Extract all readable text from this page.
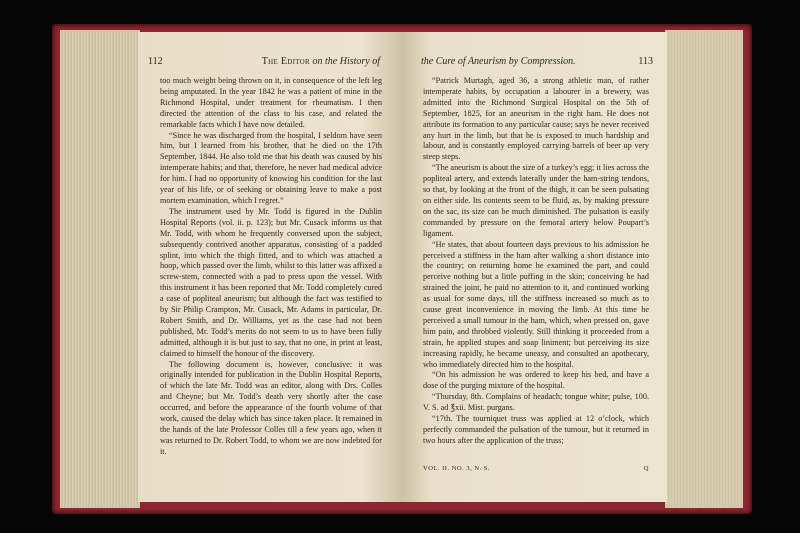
112	The Editor on the History of

too much weight being thrown on it, in consequence of the left leg being amputated. In the year 1842 he was a patient of mine in the Richmond Hospital, under treatment for rheumatism. I then directed the attention of the class to his case, and related the remarkable facts which I have now detailed.

“Since he was discharged from the hospital, I seldom have seen him, but I learned from his brother, that he died on the 17th September, 1844. He also told me that his death was caused by his intemperate habits; and that, therefore, he never had medical advice for him. I had no opportunity of knowing his condition for the last year of his life, or of seeking or obtaining leave to make a post mortem examination, which I regret.”

The instrument used by Mr. Todd is figured in the Dublin Hospital Reports (vol. ii. p. 123); but Mr. Cusack informs us that Mr. Todd, with whom he frequently conversed upon the subject, subsequently contrived another apparatus, consisting of a padded splint, into which the thigh fitted, and to which was attached a hoop, which passed over the limb, whilst to this latter was affixed a screw-stem, connected with a pad to press upon the vessel. With this instrument it has been reported that Mr. Todd completely cured a case of popliteal aneurism; but although the fact was testified to by Sir Philip Crampton, Mr. Cusack, Mr. Adams in particular, Dr. Robert Smith, and Dr. Williams, yet as the case had not been published, Mr. Todd’s merits do not seem to us to have been fully admitted, although it is but just to say, that no one, in print at least, claimed to himself the honour of the discovery.

The following document is, however, conclusive: it was originally intended for publication in the Dublin Hospital Reports, of which the late Mr. Todd was an editor, along with Drs. Colles and Cheyne; but Mr. Todd’s death very shortly after the case occurred, and before the appearance of the fourth volume of that work, caused the delay which has since taken place. It remained in the hands of the late Professor Colles till a few years ago, when it was returned to Dr. Robert Todd, to whom we are now indebted for it.

the Cure of Aneurism by Compression.	113

“Patrick Murtagh, aged 36, a strong athletic man, of rather intemperate habits, by occupation a labourer in a brewery, was admitted into the Richmond Surgical Hospital on the 5th of September, 1825, for an aneurism in the right ham. He does not attribute its formation to any particular cause; says he never received any hurt in the limb, but that he is exposed to much hardship and labour, and is constantly employed carrying barrels of beer up very steep steps.

“The aneurism is about the size of a turkey’s egg; it lies across the popliteal artery, and extends laterally under the ham-string tendons, so that, by looking at the front of the thigh, it can be seen pulsating on either side. Its contents seem to be fluid, as, by making pressure on the sac, its size can be much diminished. The pulsation is easily commanded by pressure on the femoral artery below Poupart’s ligament.

“He states, that about fourteen days previous to his admission he perceived a stiffness in the ham after walking a short distance into the country; on returning home he examined the part, and could perceive nothing but a little puffing in the skin; conceiving he had strained the joint, he paid no attention to it, and continued working as usual for some days, till the stiffness increased so much as to cause great inconvenience in moving the limb. At this time he perceived a small tumour in the ham, which, when pressed on, gave him pain, and throbbed violently. Still thinking it proceeded from a strain, he applied stupes and soap liniment; but perceiving its size increasing rapidly, he became uneasy, and consulted an apothecary, who immediately directed him to the hospital.

“On his admission he was ordered to keep his bed, and have a dose of the purging mixture of the hospital.

“Thursday, 8th. Complains of headach; tongue white; pulse, 100. V. S. ad ℥xii. Mist. purgans.

“17th. The tourniquet truss was applied at 12 o’clock, which perfectly commanded the pulsation of the tumour, but it returned in two hours after the application of the truss;

VOL. II. NO. 3, N. S.	Q
